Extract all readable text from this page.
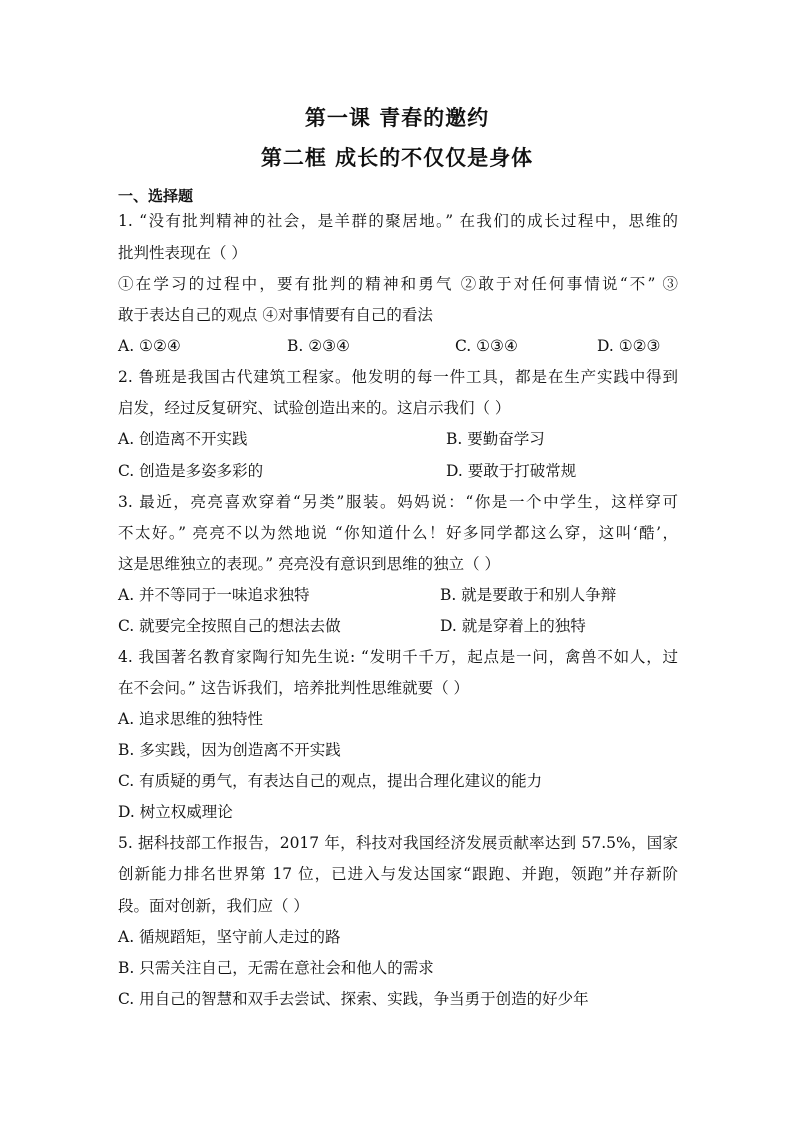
第一课 青春的邀约
第二框 成长的不仅仅是身体
一、选择题

1. “没有批判精神的社会，是羊群的聚居地。” 在我们的成长过程中，思维的

批判性表现在（ ）

①在学习的过程中，要有批判的精神和勇气 ②敢于对任何事情说“不” ③

敢于表达自己的观点 ④对事情要有自己的看法

A. ①②④	B. ②③④	C. ①③④	D. ①②③

2. 鲁班是我国古代建筑工程家。他发明的每一件工具，都是在生产实践中得到

启发，经过反复研究、试验创造出来的。这启示我们（ ）

A. 创造离不开实践	B. 要勤奋学习

C. 创造是多姿多彩的	D. 要敢于打破常规

3. 最近，亮亮喜欢穿着“另类”服装。妈妈说：“你是一个中学生，这样穿可

不太好。” 亮亮不以为然地说 “你知道什么！好多同学都这么穿，这叫‘酷’，

这是思维独立的表现。” 亮亮没有意识到思维的独立（ ）

A. 并不等同于一味追求独特	B. 就是要敢于和别人争辩

C. 就要完全按照自己的想法去做	D. 就是穿着上的独特

4. 我国著名教育家陶行知先生说: “发明千千万，起点是一问，禽兽不如人，过

在不会问。” 这告诉我们，培养批判性思维就要（ ）

A. 追求思维的独特性

B. 多实践，因为创造离不开实践

C. 有质疑的勇气，有表达自己的观点，提出合理化建议的能力

D. 树立权威理论

5. 据科技部工作报告，2017 年，科技对我国经济发展贡献率达到 57.5%，国家

创新能力排名世界第 17 位，已进入与发达国家“跟跑、并跑，领跑”并存新阶

段。面对创新，我们应（ ）

A. 循规蹈矩，坚守前人走过的路

B. 只需关注自己，无需在意社会和他人的需求

C. 用自己的智慧和双手去尝试、探索、实践，争当勇于创造的好少年
